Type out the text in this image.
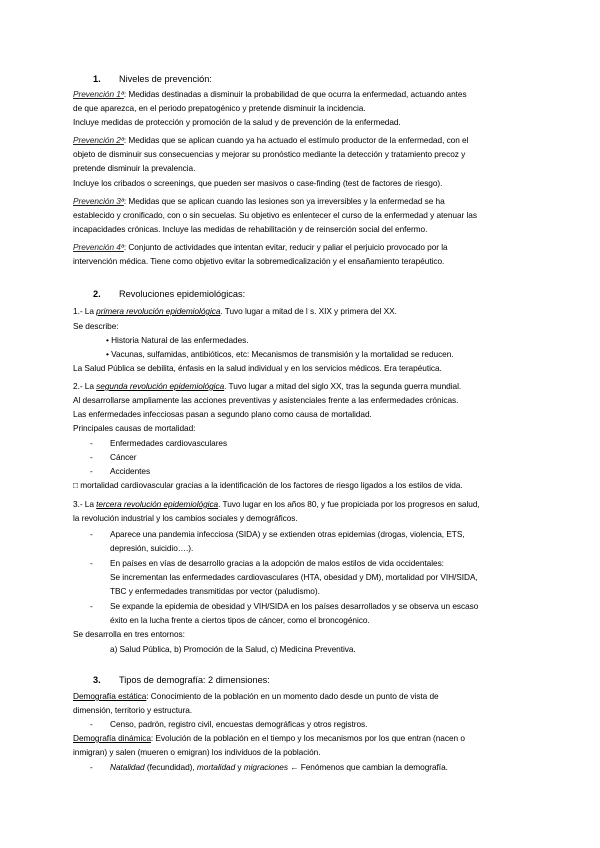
1. Niveles de prevención:
Prevención 1ª: Medidas destinadas a disminuir la probabilidad de que ocurra la enfermedad, actuando antes
de que aparezca, en el periodo prepatogénico y pretende disminuir la incidencia.
Incluye medidas de protección y promoción de la salud y de prevención de la enfermedad.
Prevención 2ª: Medidas que se aplican cuando ya ha actuado el estímulo productor de la enfermedad, con el
objeto de disminuir sus consecuencias y mejorar su pronóstico mediante la detección y tratamiento precoz y
pretende disminuir la prevalencia.
Incluye los cribados o screenings, que pueden ser masivos o case-finding (test de factores de riesgo).
Prevención 3ª: Medidas que se aplican cuando las lesiones son ya irreversibles y la enfermedad se ha
establecido y cronificado, con o sin secuelas. Su objetivo es enlentecer el curso de la enfermedad y atenuar las
incapacidades crónicas. Incluye las medidas de rehabilitación y de reinserción social del enfermo.
Prevención 4ª: Conjunto de actividades que intentan evitar, reducir y paliar el perjuicio provocado por la
intervención médica. Tiene como objetivo evitar la sobremedicalización y el ensañamiento terapéutico.
2. Revoluciones epidemiológicas:
1.- La primera revolución epidemiológica. Tuvo lugar a mitad de l s. XIX y primera del XX.
Se describe:
• Historia Natural de las enfermedades.
• Vacunas, sulfamidas, antibióticos, etc: Mecanismos de transmisión y la mortalidad se reducen.
La Salud Pública se debilita, énfasis en la salud individual y en los servicios médicos. Era terapéutica.
2.- La segunda revolución epidemiológica. Tuvo lugar a mitad del siglo XX, tras la segunda guerra mundial.
Al desarrollarse ampliamente las acciones preventivas y asistenciales frente a las enfermedades crónicas.
Las enfermedades infecciosas pasan a segundo plano como causa de mortalidad.
Principales causas de mortalidad:
- Enfermedades cardiovasculares
- Cáncer
- Accidentes
□ mortalidad cardiovascular gracias a la identificación de los factores de riesgo ligados a los estilos de vida.
3.- La tercera revolución epidemiológica. Tuvo lugar en los años 80, y fue propiciada por los progresos en salud,
la revolución industrial y los cambios sociales y demográficos.
- Aparece una pandemia infecciosa (SIDA) y se extienden otras epidemias (drogas, violencia, ETS,
depresión, suicidio….).
- En países en vías de desarrollo gracias a la adopción de malos estilos de vida occidentales:
Se incrementan las enfermedades cardiovasculares (HTA, obesidad y DM), mortalidad por VIH/SIDA,
TBC y enfermedades transmitidas por vector (paludismo).
- Se expande la epidemia de obesidad y VIH/SIDA en los países desarrollados y se observa un escaso
éxito en la lucha frente a ciertos tipos de cáncer, como el broncogénico.
Se desarrolla en tres entornos:
a) Salud Pública, b) Promoción de la Salud, c) Medicina Preventiva.
3. Tipos de demografía: 2 dimensiones:
Demografía estática: Conocimiento de la población en un momento dado desde un punto de vista de
dimensión, territorio y estructura.
- Censo, padrón, registro civil, encuestas demográficas y otros registros.
Demografía dinámica: Evolución de la población en el tiempo y los mecanismos por los que entran (nacen o
inmigran) y salen (mueren o emigran) los individuos de la población.
- Natalidad (fecundidad), mortalidad y migraciones ← Fenómenos que cambian la demografía.
